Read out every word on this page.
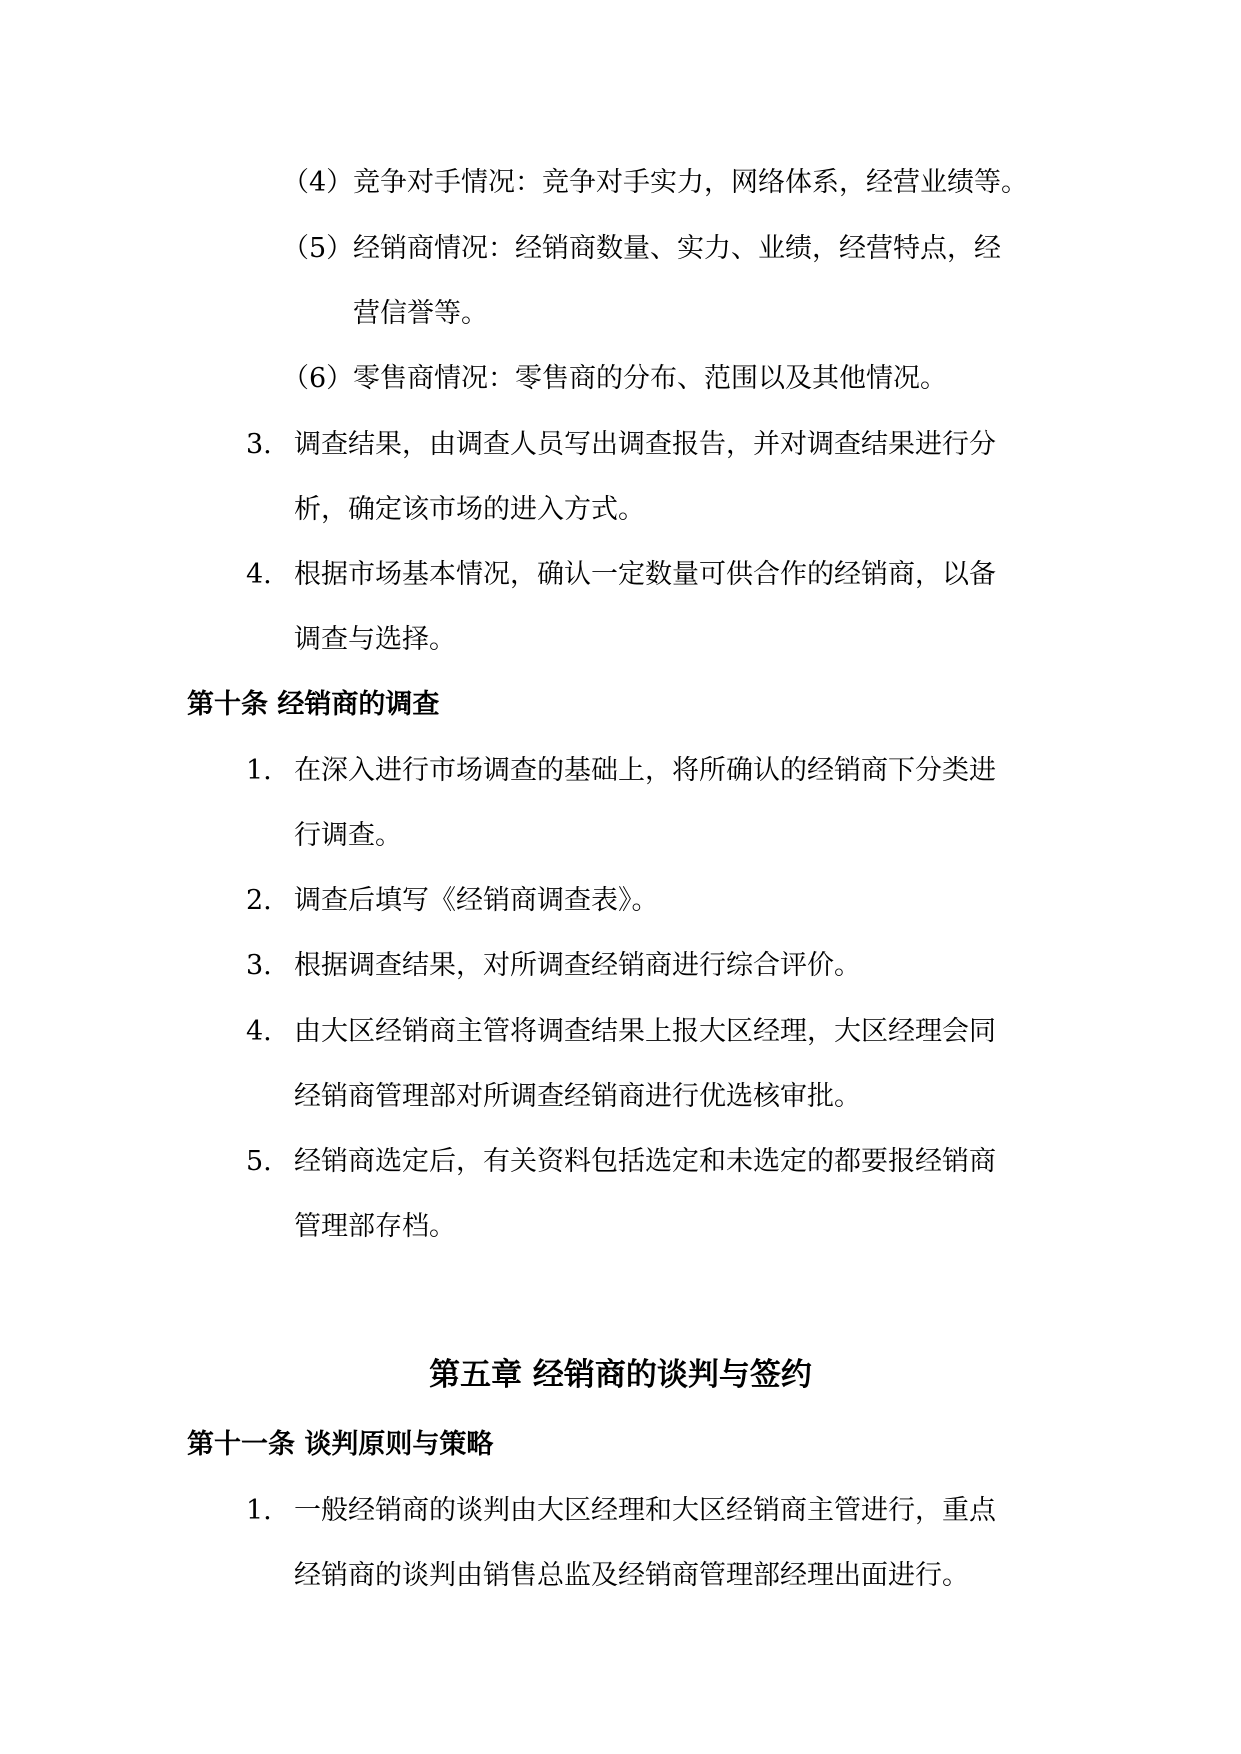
（4） 竞争对手情况：竞争对手实力，网络体系，经营业绩等。
（5） 经销商情况：经销商数量、实力、业绩，经营特点，经
营信誉等。
（6） 零售商情况：零售商的分布、范围以及其他情况。
3. 调查结果，由调查人员写出调查报告，并对调查结果进行分
析，确定该市场的进入方式。
4. 根据市场基本情况，确认一定数量可供合作的经销商，以备
调查与选择。
第十条 经销商的调查
1. 在深入进行市场调查的基础上，将所确认的经销商下分类进
行调查。
2. 调查后填写《经销商调查表》。
3. 根据调查结果，对所调查经销商进行综合评价。
4. 由大区经销商主管将调查结果上报大区经理，大区经理会同
经销商管理部对所调查经销商进行优选核审批。
5. 经销商选定后，有关资料包括选定和未选定的都要报经销商
管理部存档。
第五章 经销商的谈判与签约
第十一条 谈判原则与策略
1. 一般经销商的谈判由大区经理和大区经销商主管进行，重点
经销商的谈判由销售总监及经销商管理部经理出面进行。
